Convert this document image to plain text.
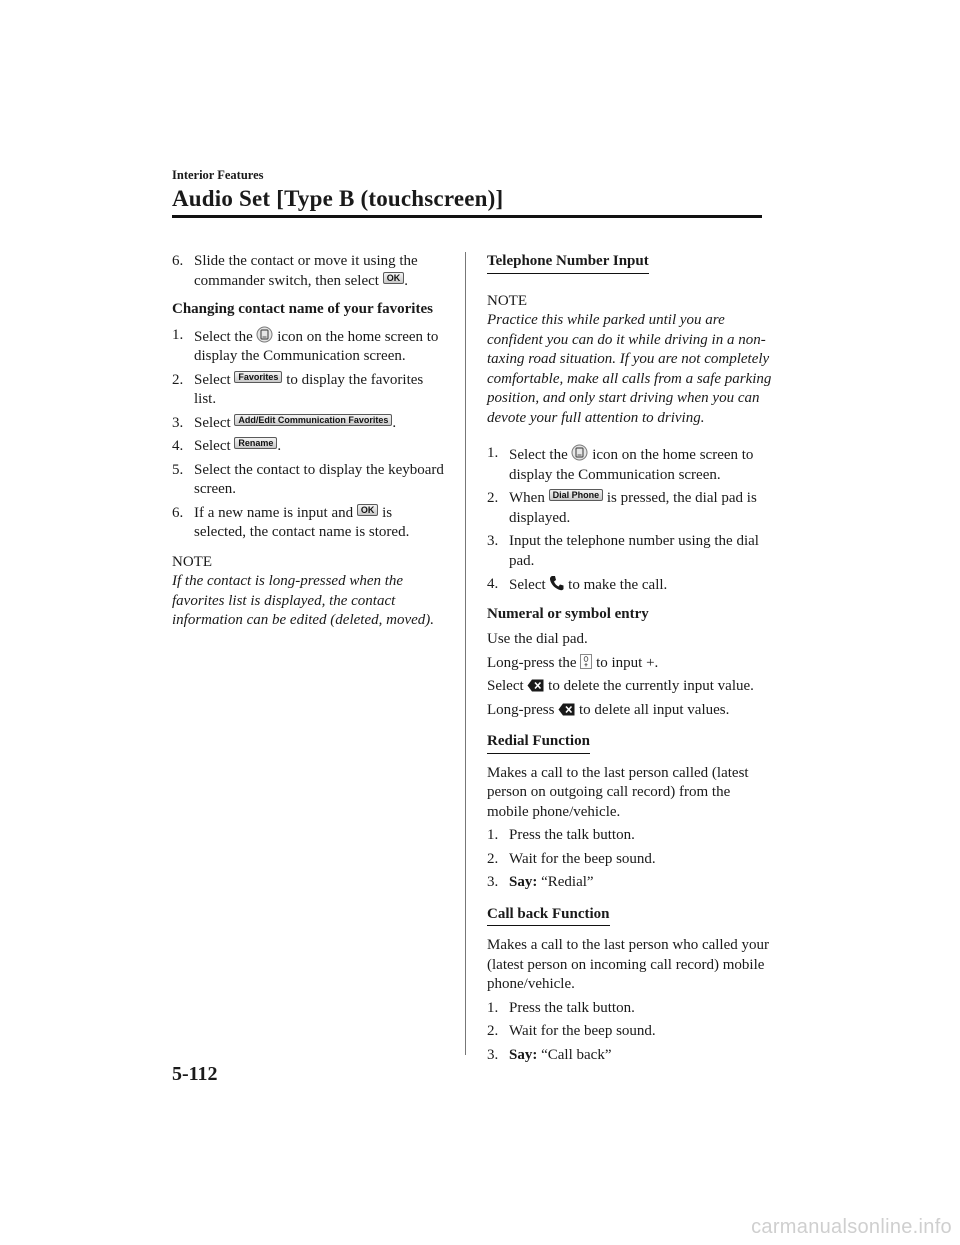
Interior Features
Audio Set [Type B (touchscreen)]
6. Slide the contact or move it using the commander switch, then select OK .
Changing contact name of your favorites
1. Select the icon on the home screen to display the Communication screen.
2. Select Favorites to display the favorites list.
3. Select Add/Edit Communication Favorites .
4. Select Rename .
5. Select the contact to display the keyboard screen.
6. If a new name is input and OK is selected, the contact name is stored.
NOTE
If the contact is long-pressed when the favorites list is displayed, the contact information can be edited (deleted, moved).
Telephone Number Input
NOTE
Practice this while parked until you are confident you can do it while driving in a non-taxing road situation. If you are not completely comfortable, make all calls from a safe parking position, and only start driving when you can devote your full attention to driving.
1. Select the icon on the home screen to display the Communication screen.
2. When Dial Phone is pressed, the dial pad is displayed.
3. Input the telephone number using the dial pad.
4. Select to make the call.
Numeral or symbol entry

Use the dial pad.

Long-press the to input +.

Select to delete the currently input value.

Long-press to delete all input values.

Redial Function

Makes a call to the last person called (latest person on outgoing call record) from the mobile phone/vehicle.

1. Press the talk button.
2. Wait for the beep sound.
3. Say: “Redial”
Call back Function

Makes a call to the last person who called your (latest person on incoming call record) mobile phone/vehicle.

1. Press the talk button.
2. Wait for the beep sound.
3. Say: “Call back”
5-112
carmanualsonline.info
